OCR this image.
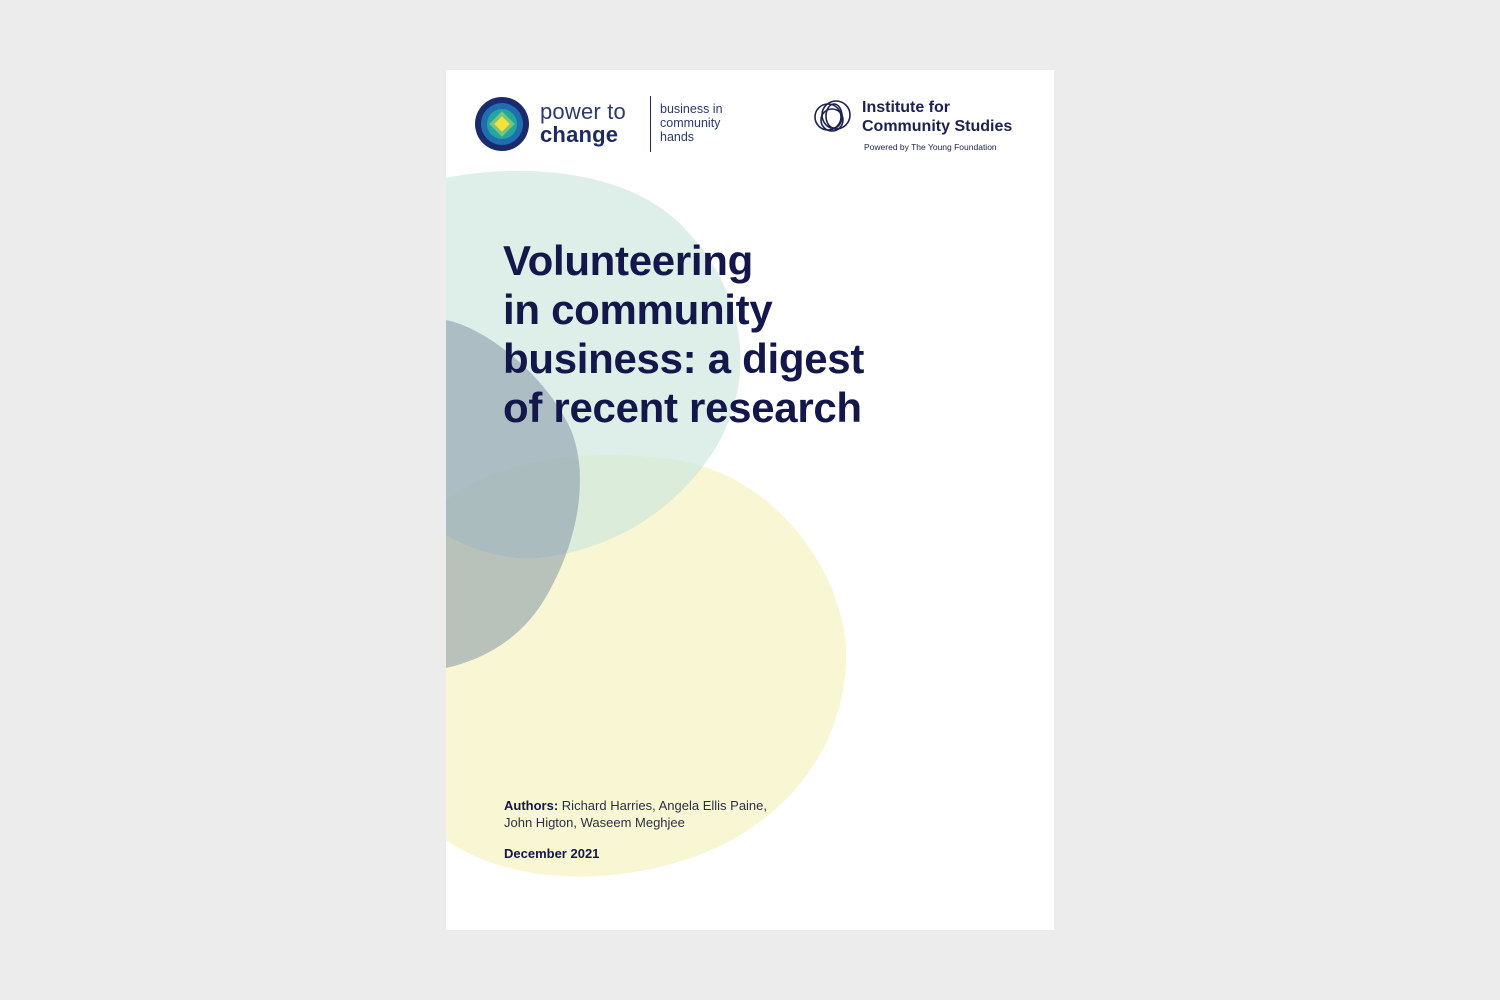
power to
change
business in
community
hands
Institute for
Community Studies
Powered by The Young Foundation
Volunteering
in community
business: a digest
of recent research
Authors: Richard Harries, Angela Ellis Paine,
John Higton, Waseem Meghjee
December 2021
